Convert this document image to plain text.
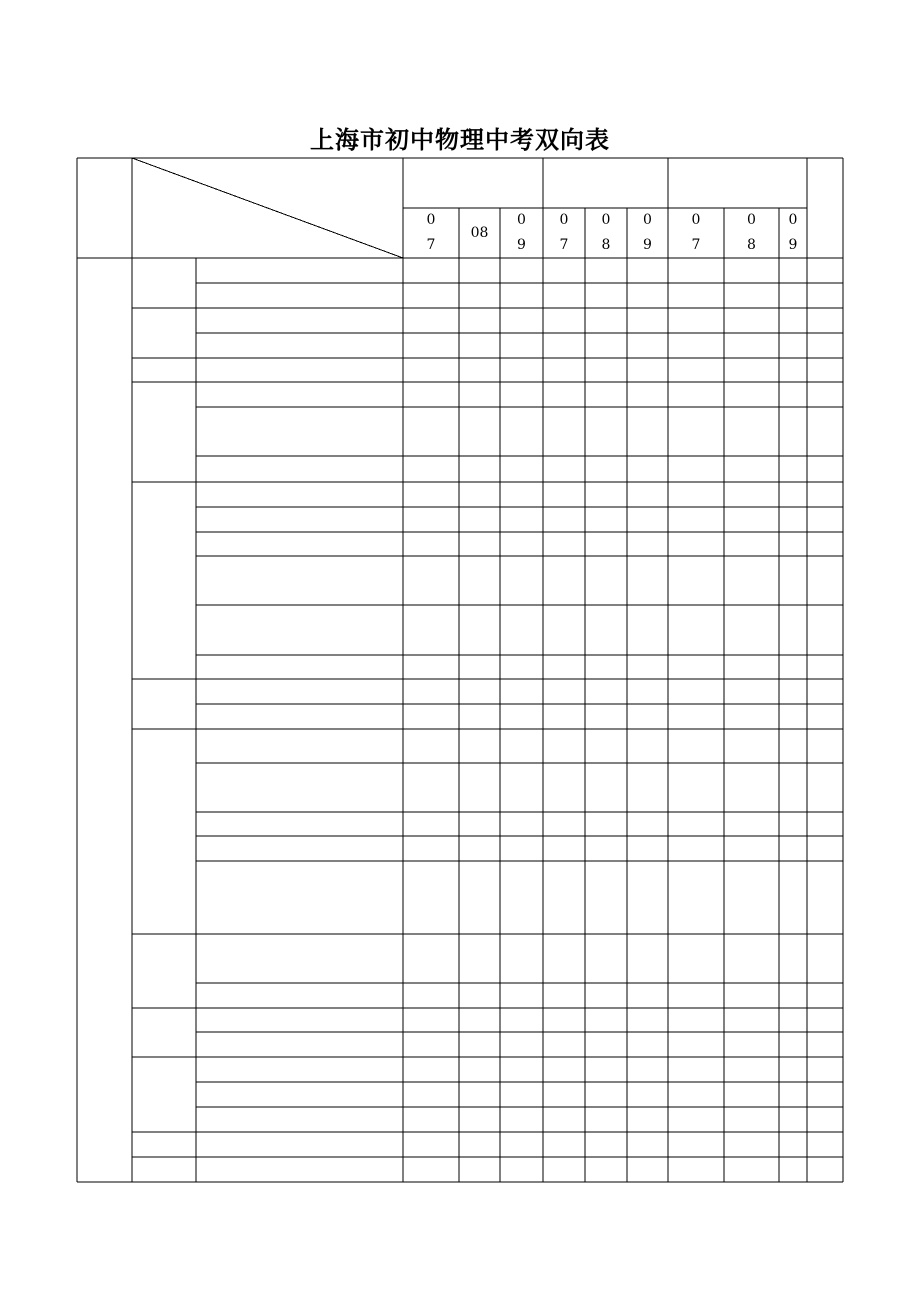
上海市初中物理中考双向表
07
08
09
07
08
09
07
08
09
